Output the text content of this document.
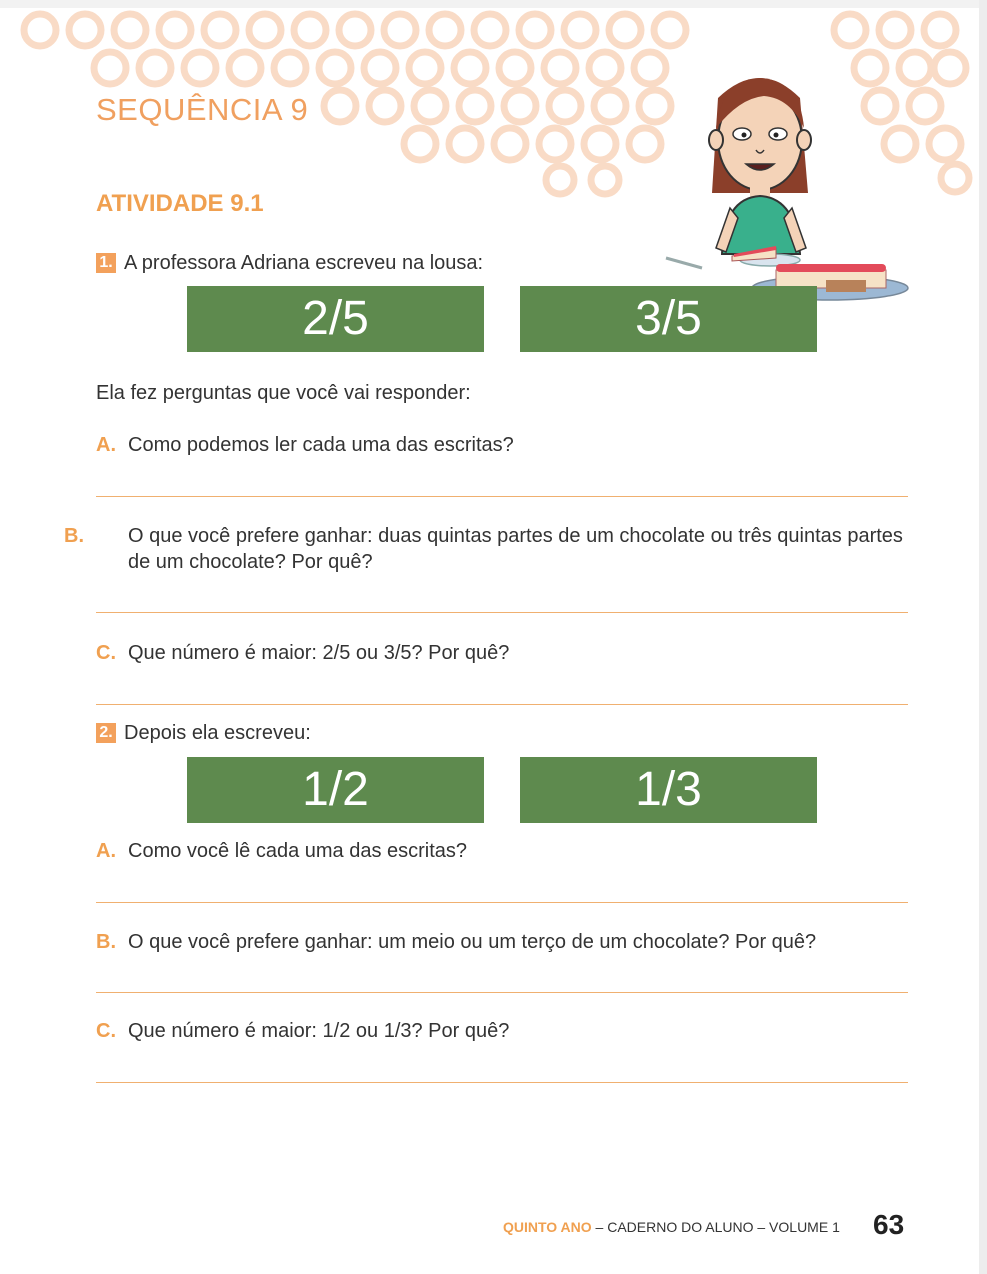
SEQUÊNCIA 9
ATIVIDADE 9.1
1. A professora Adriana escreveu na lousa:
2/5	3/5
Ela fez perguntas que você vai responder:
A. Como podemos ler cada uma das escritas?
B. O que você prefere ganhar: duas quintas partes de um chocolate ou três quintas partes de um chocolate? Por quê?
C. Que número é maior: 2/5 ou 3/5? Por quê?
2. Depois ela escreveu:
1/2	1/3
A. Como você lê cada uma das escritas?
B. O que você prefere ganhar: um meio ou um terço de um chocolate? Por quê?
C. Que número é maior: 1/2 ou 1/3? Por quê?
QUINTO ANO – CADERNO DO ALUNO – VOLUME 1 63
